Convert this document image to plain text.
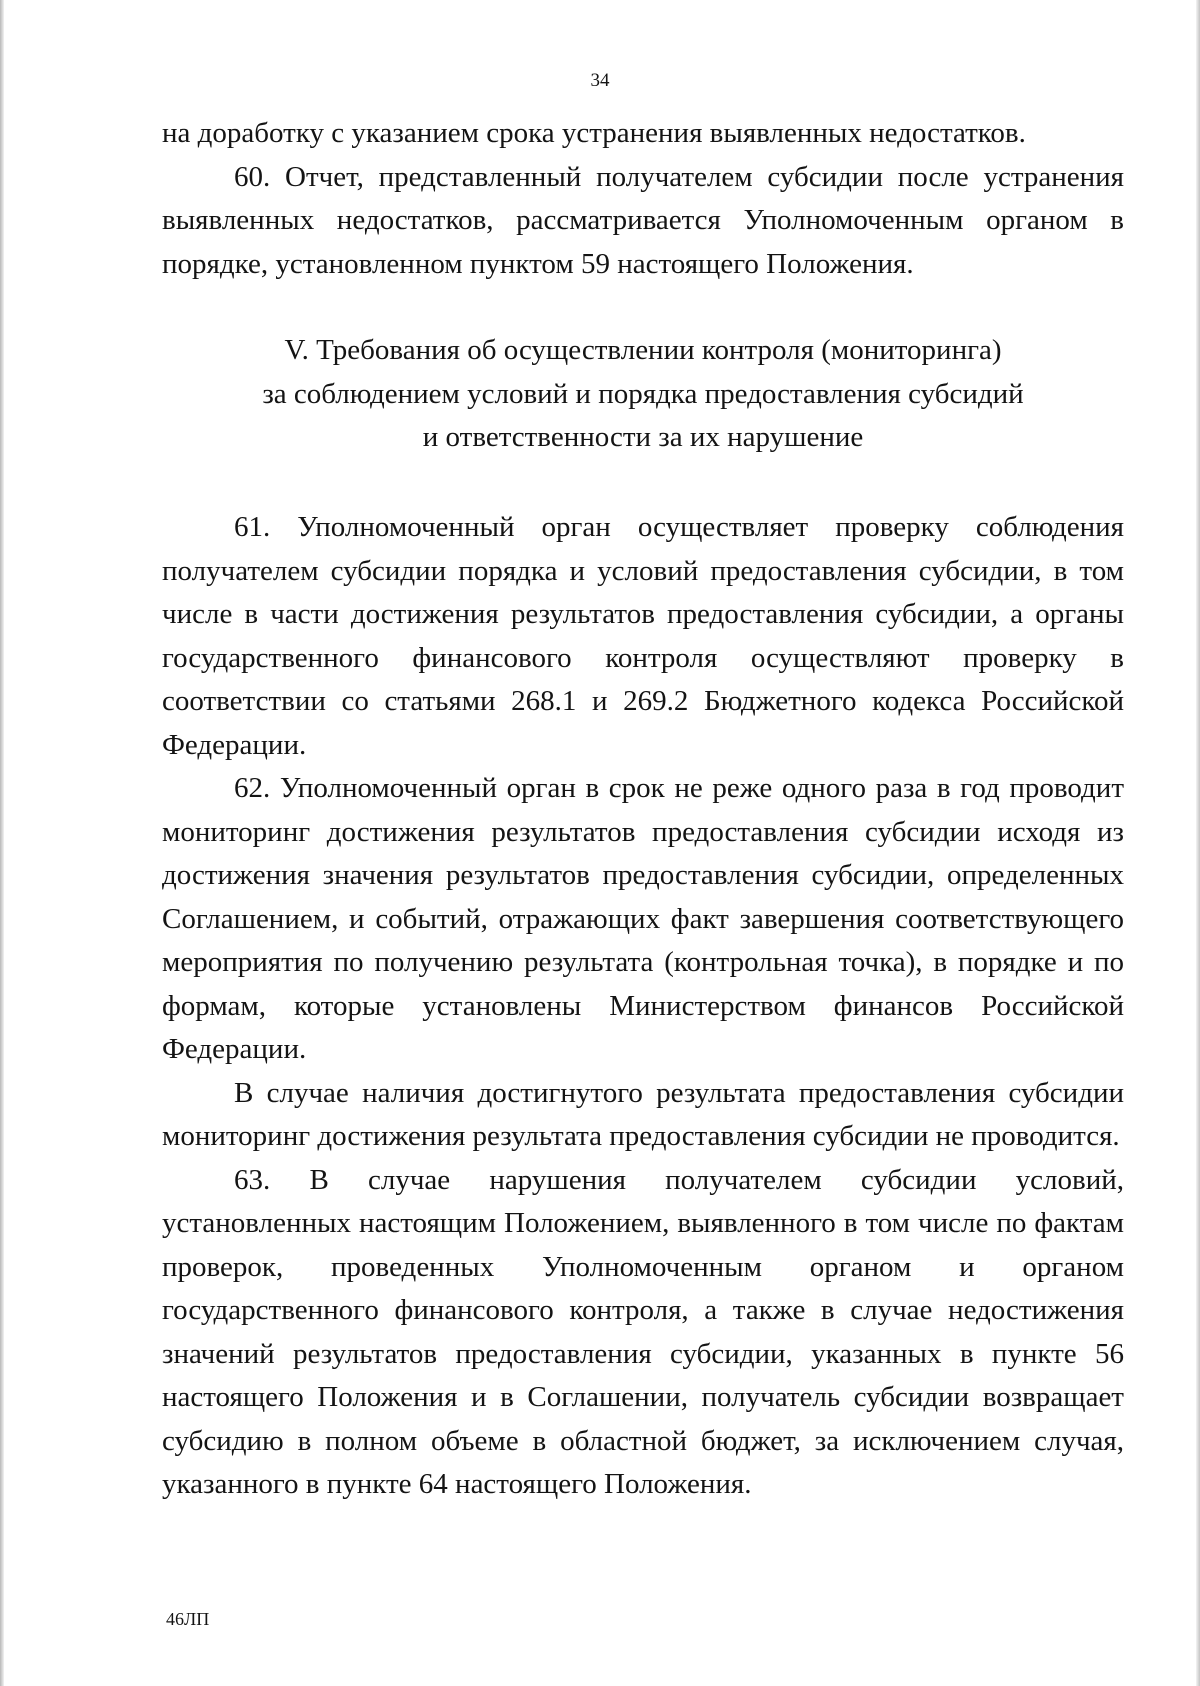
34

на доработку с указанием срока устранения выявленных недостатков.

60. Отчет, представленный получателем субсидии после устранения выявленных недостатков, рассматривается Уполномоченным органом в порядке, установленном пунктом 59 настоящего Положения.

V. Требования об осуществлении контроля (мониторинга)
за соблюдением условий и порядка предоставления субсидий
и ответственности за их нарушение

61. Уполномоченный орган осуществляет проверку соблюдения получателем субсидии порядка и условий предоставления субсидии, в том числе в части достижения результатов предоставления субсидии, а органы государственного финансового контроля осуществляют проверку в соответствии со статьями 268.1 и 269.2 Бюджетного кодекса Российской Федерации.

62. Уполномоченный орган в срок не реже одного раза в год проводит мониторинг достижения результатов предоставления субсидии исходя из достижения значения результатов предоставления субсидии, определенных Соглашением, и событий, отражающих факт завершения соответствующего мероприятия по получению результата (контрольная точка), в порядке и по формам, которые установлены Министерством финансов Российской Федерации.

В случае наличия достигнутого результата предоставления субсидии мониторинг достижения результата предоставления субсидии не проводится.

63. В случае нарушения получателем субсидии условий, установленных настоящим Положением, выявленного в том числе по фактам проверок, проведенных Уполномоченным органом и органом государственного финансового контроля, а также в случае недостижения значений результатов предоставления субсидии, указанных в пункте 56 настоящего Положения и в Соглашении, получатель субсидии возвращает субсидию в полном объеме в областной бюджет, за исключением случая, указанного в пункте 64 настоящего Положения.

46ЛП
